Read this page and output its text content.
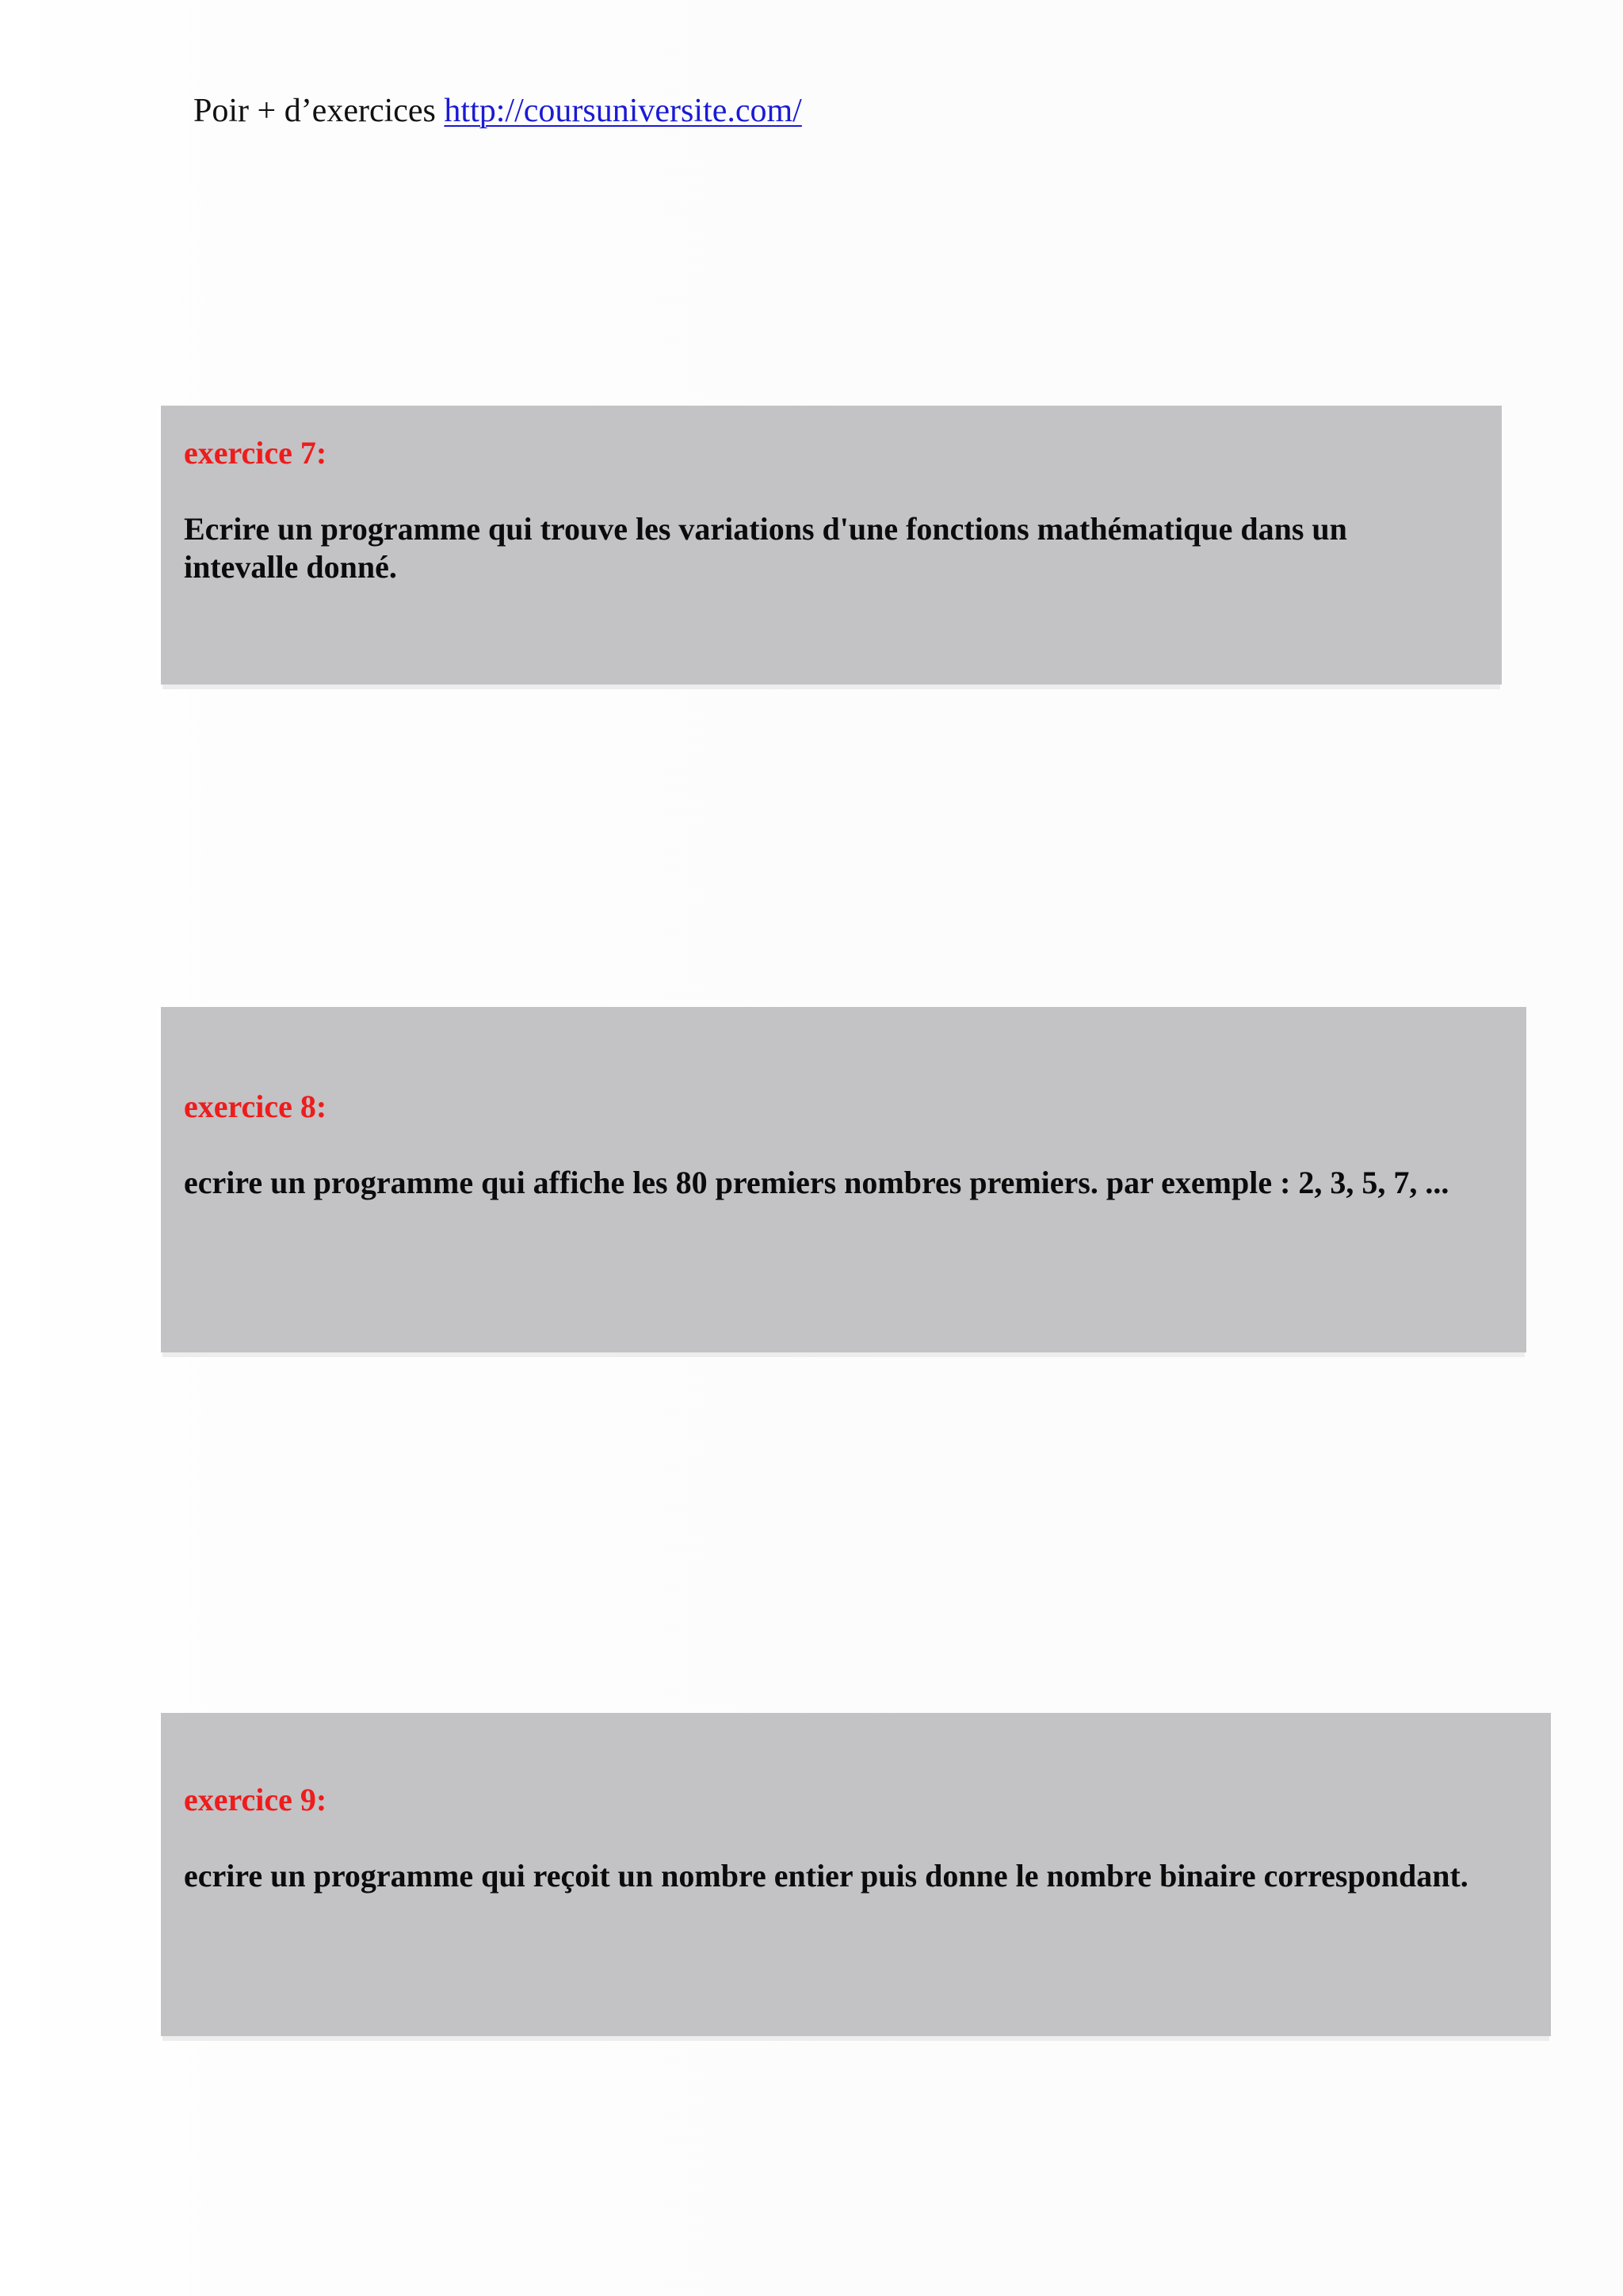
Poir + d’exercices http://coursuniversite.com/
exercice 7:
Ecrire un programme qui trouve les variations d'une fonctions mathématique dans un intevalle donné.
exercice 8:
ecrire un programme qui affiche les 80 premiers nombres premiers. par exemple : 2, 3, 5, 7, ...
exercice 9:
ecrire un programme qui reçoit un nombre entier puis donne le nombre binaire correspondant.
